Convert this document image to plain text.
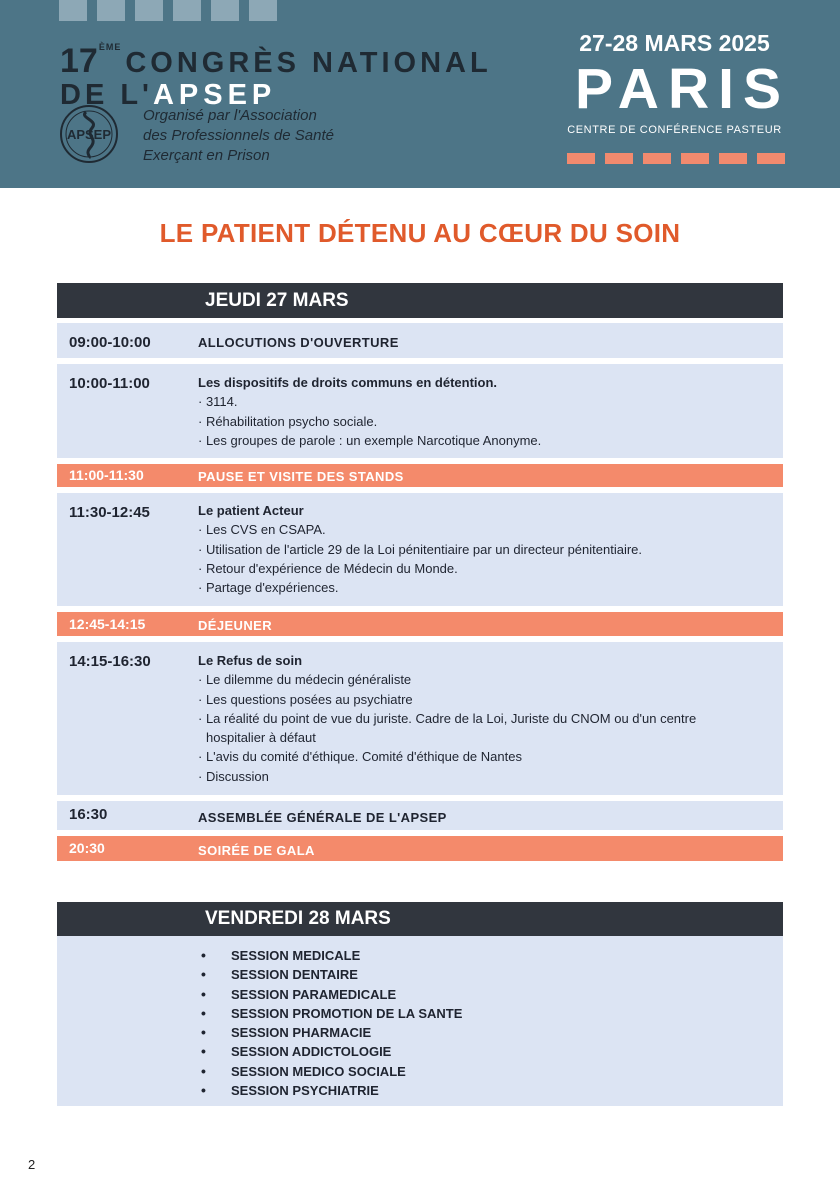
17ÈME CONGRÈS NATIONAL
DE L'APSEP
APSEP
Organisé par l'Association
des Professionnels de Santé
Exerçant en Prison
27-28 MARS 2025
PARIS
CENTRE DE CONFÉRENCE PASTEUR
LE PATIENT DÉTENU AU CŒUR DU SOIN
JEUDI 27 MARS
09:00-10:00	ALLOCUTIONS D'OUVERTURE
10:00-11:00	Les dispositifs de droits communs en détention.
· 3114.
· Réhabilitation psycho sociale.
· Les groupes de parole : un exemple Narcotique Anonyme.
11:00-11:30	PAUSE ET VISITE DES STANDS
11:30-12:45	Le patient Acteur
· Les CVS en CSAPA.
· Utilisation de l'article 29 de la Loi pénitentiaire par un directeur pénitentiaire.
· Retour d'expérience de Médecin du Monde.
· Partage d'expériences.
12:45-14:15	DÉJEUNER
14:15-16:30	Le Refus de soin
· Le dilemme du médecin généraliste
· Les questions posées au psychiatre
· La réalité du point de vue du juriste. Cadre de la Loi, Juriste du CNOM ou d'un centre
hospitalier à défaut
· L'avis du comité d'éthique. Comité d'éthique de Nantes
· Discussion
16:30	ASSEMBLÉE GÉNÉRALE DE L'APSEP
20:30	SOIRÉE DE GALA
VENDREDI 28 MARS
•	SESSION MEDICALE
•	SESSION DENTAIRE
•	SESSION PARAMEDICALE
•	SESSION PROMOTION DE LA SANTE
•	SESSION PHARMACIE
•	SESSION ADDICTOLOGIE
•	SESSION MEDICO SOCIALE
•	SESSION PSYCHIATRIE
2
